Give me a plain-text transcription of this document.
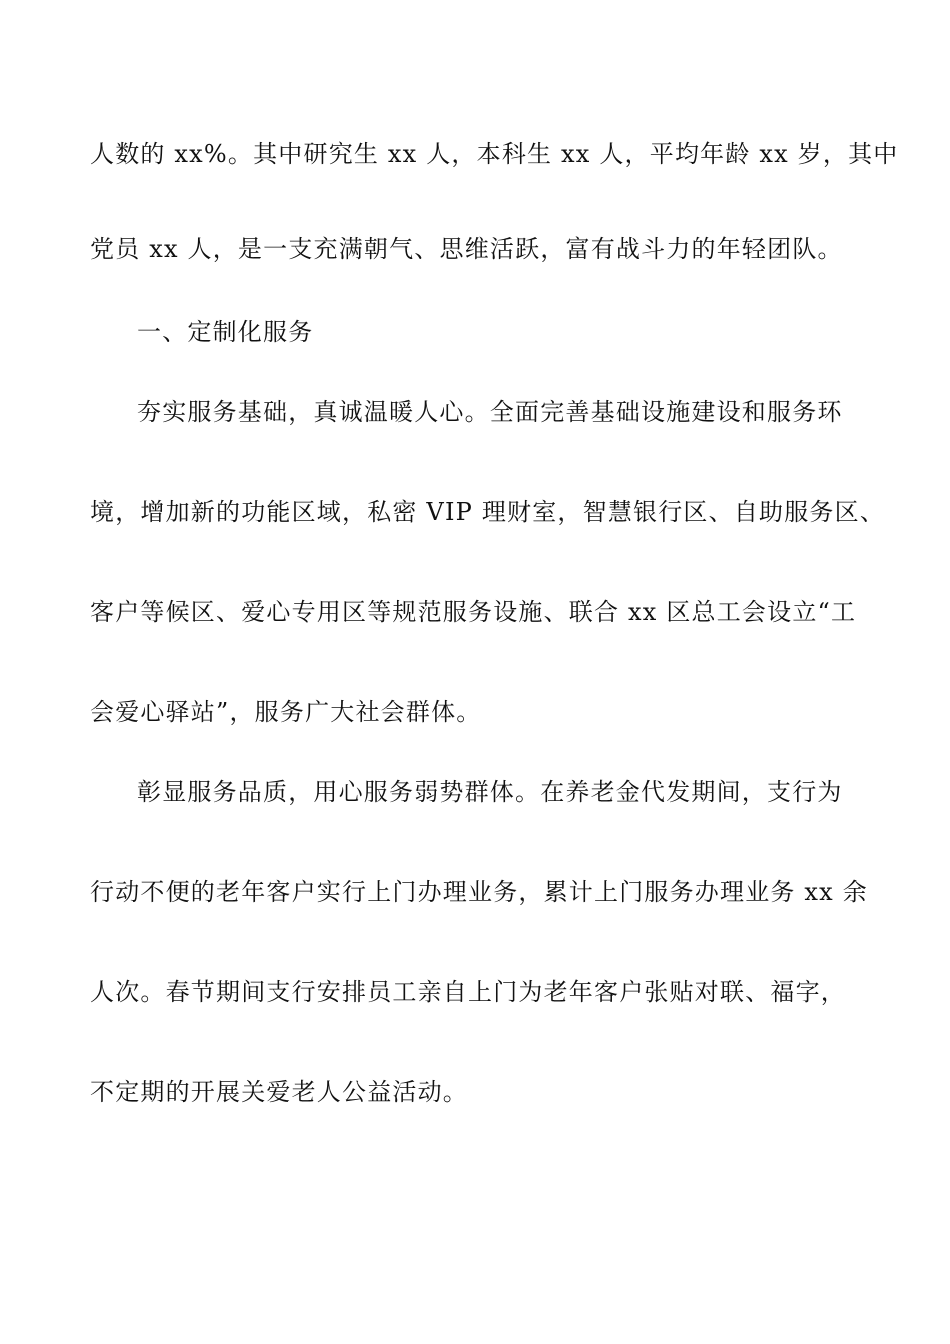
人数的 xx%。其中研究生 xx 人，本科生 xx 人，平均年龄 xx 岁，其中

党员 xx 人，是一支充满朝气、思维活跃，富有战斗力的年轻团队。

一、定制化服务

夯实服务基础，真诚温暖人心。全面完善基础设施建设和服务环

境，增加新的功能区域，私密 VIP 理财室，智慧银行区、自助服务区、

客户等候区、爱心专用区等规范服务设施、联合 xx 区总工会设立“工

会爱心驿站”，服务广大社会群体。

彰显服务品质，用心服务弱势群体。在养老金代发期间，支行为

行动不便的老年客户实行上门办理业务，累计上门服务办理业务 xx 余

人次。春节期间支行安排员工亲自上门为老年客户张贴对联、福字，

不定期的开展关爱老人公益活动。
